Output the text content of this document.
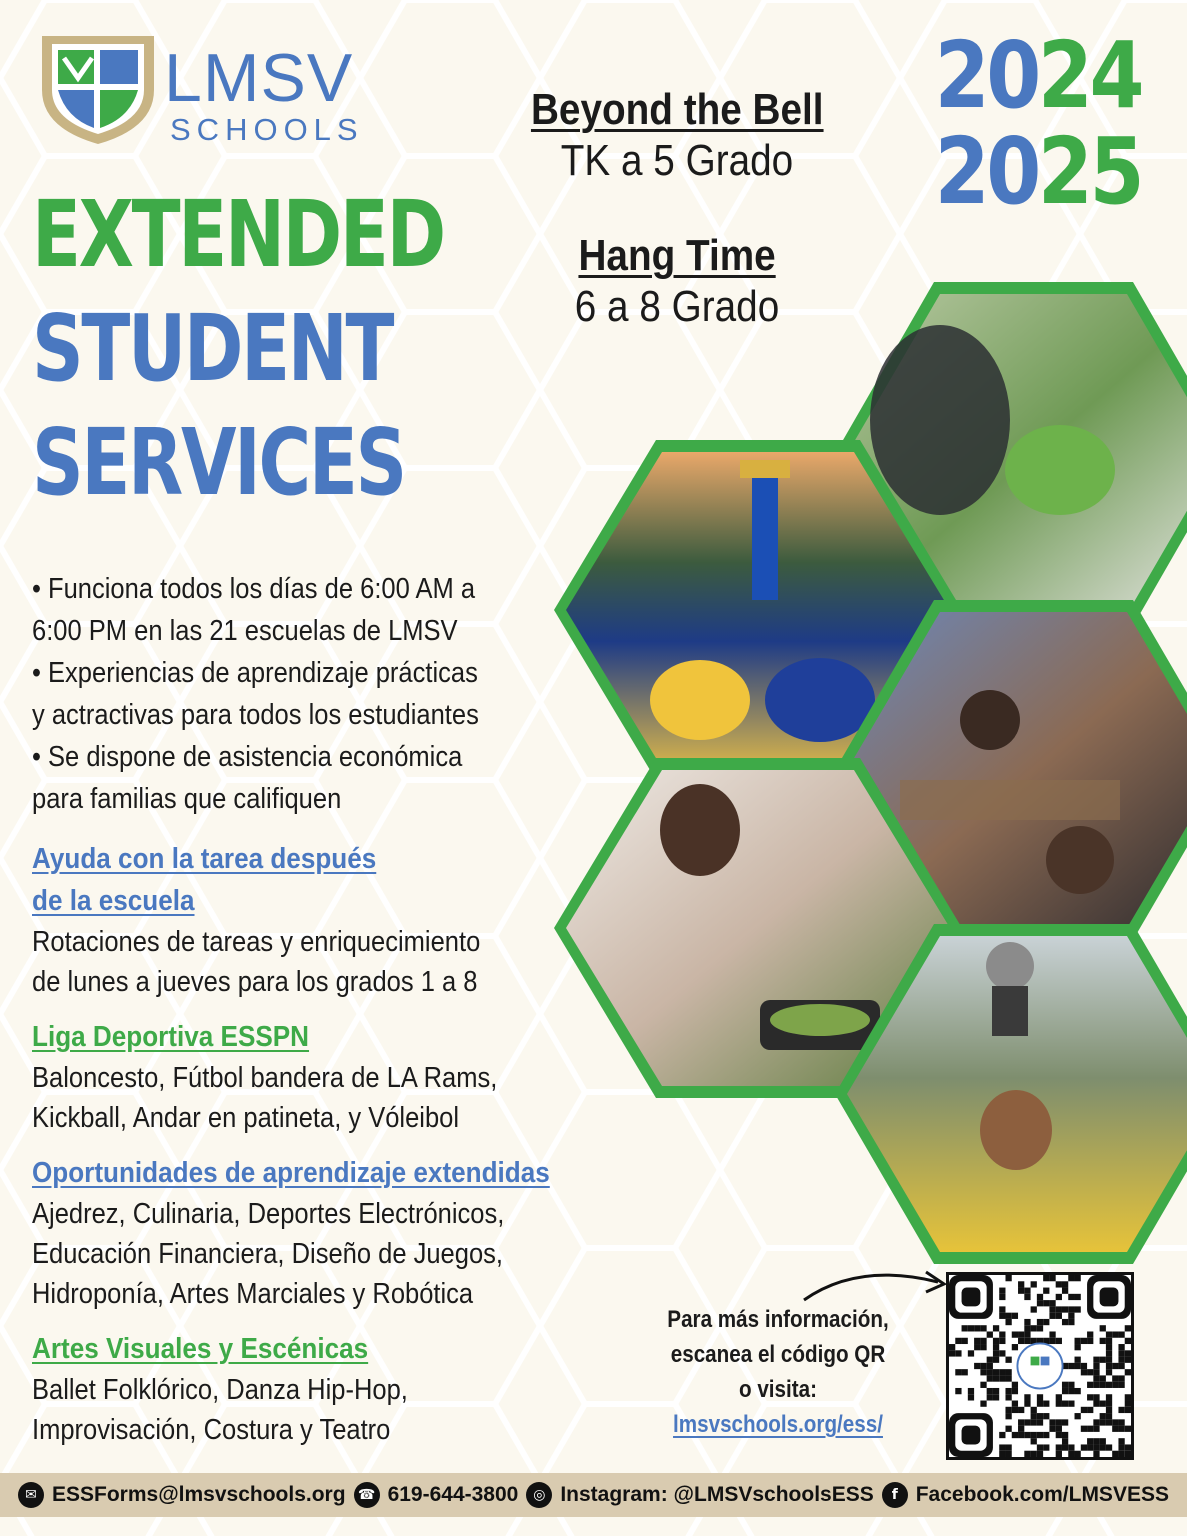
LMSV
SCHOOLS
EXTENDED
STUDENT
SERVICES
Beyond the Bell
TK a 5 Grado
Hang Time
6 a 8 Grado
2024
2025
• Funciona todos los días de 6:00 AM a
6:00 PM en las 21 escuelas de LMSV
• Experiencias de aprendizaje prácticas
y actractivas para todos los estudiantes
• Se dispone de asistencia económica
para familias que califiquen
Ayuda con la tarea después
de la escuela
Rotaciones de tareas y enriquecimiento
de lunes a jueves para los grados 1 a 8
Liga Deportiva ESSPN
Baloncesto, Fútbol bandera de LA Rams,
Kickball, Andar en patineta, y Vóleibol
Oportunidades de aprendizaje extendidas
Ajedrez, Culinaria, Deportes Electrónicos,
Educación Financiera, Diseño de Juegos,
Hidroponía, Artes Marciales y Robótica
Artes Visuales y Escénicas
Ballet Folklórico, Danza Hip-Hop,
Improvisación, Costura y Teatro
Para más información,
escanea el código QR
o visita:
lmsvschools.org/ess/
✉ ESSForms@lmsvschools.org ☎ 619-644-3800	◎ Instagram: @LMSVschoolsESS	f Facebook.com/LMSVESS
